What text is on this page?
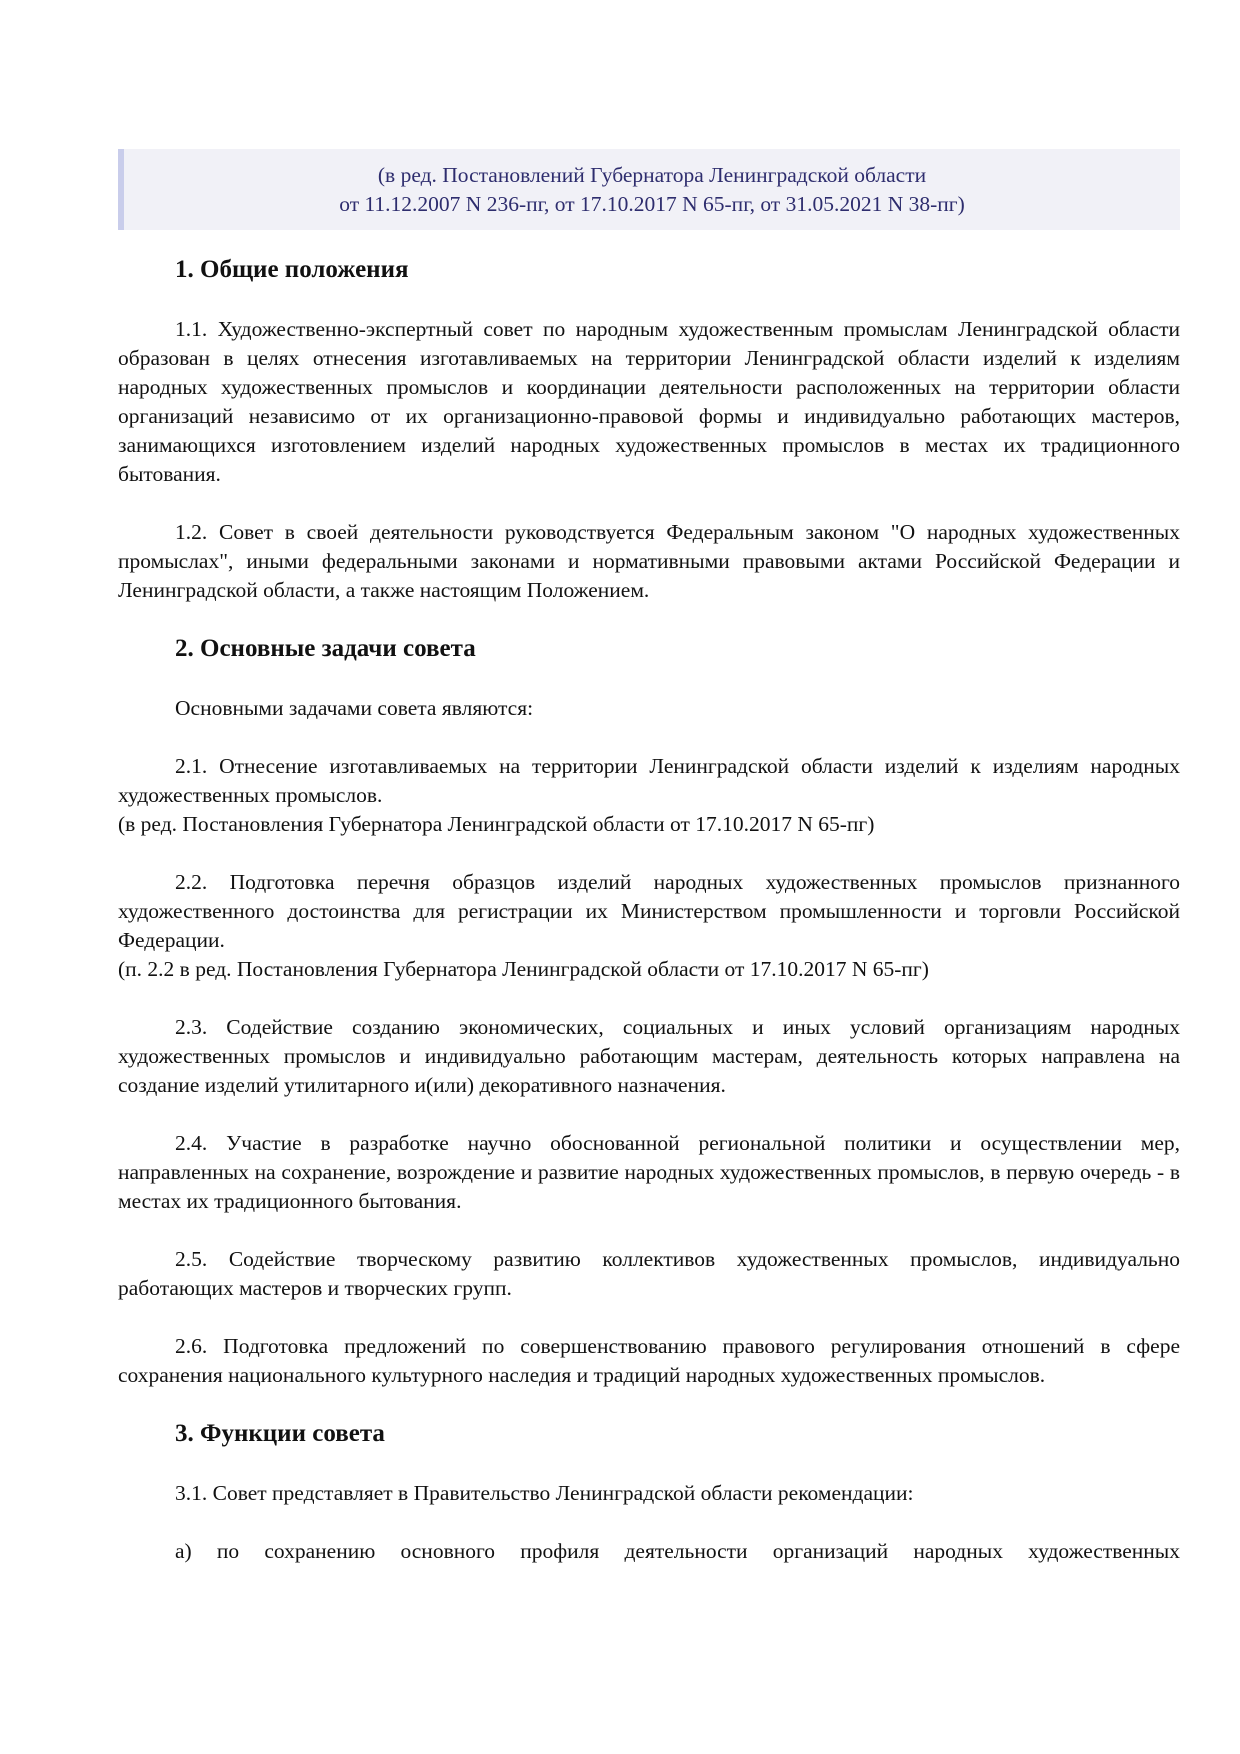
(в ред. Постановлений Губернатора Ленинградской области
от 11.12.2007 N 236-пг, от 17.10.2017 N 65-пг, от 31.05.2021 N 38-пг)
1. Общие положения

1.1. Художественно-экспертный совет по народным художественным промыслам Ленинградской области образован в целях отнесения изготавливаемых на территории Ленинградской области изделий к изделиям народных художественных промыслов и координации деятельности расположенных на территории области организаций независимо от их организационно-правовой формы и индивидуально работающих мастеров, занимающихся изготовлением изделий народных художественных промыслов в местах их традиционного бытования.

1.2. Совет в своей деятельности руководствуется Федеральным законом "О народных художественных промыслах", иными федеральными законами и нормативными правовыми актами Российской Федерации и Ленинградской области, а также настоящим Положением.

2. Основные задачи совета

Основными задачами совета являются:

2.1. Отнесение изготавливаемых на территории Ленинградской области изделий к изделиям народных художественных промыслов.

(в ред. Постановления Губернатора Ленинградской области от 17.10.2017 N 65-пг)

2.2. Подготовка перечня образцов изделий народных художественных промыслов признанного художественного достоинства для регистрации их Министерством промышленности и торговли Российской Федерации.

(п. 2.2 в ред. Постановления Губернатора Ленинградской области от 17.10.2017 N 65-пг)

2.3. Содействие созданию экономических, социальных и иных условий организациям народных художественных промыслов и индивидуально работающим мастерам, деятельность которых направлена на создание изделий утилитарного и(или) декоративного назначения.

2.4. Участие в разработке научно обоснованной региональной политики и осуществлении мер, направленных на сохранение, возрождение и развитие народных художественных промыслов, в первую очередь - в местах их традиционного бытования.

2.5. Содействие творческому развитию коллективов художественных промыслов, индивидуально работающих мастеров и творческих групп.

2.6. Подготовка предложений по совершенствованию правового регулирования отношений в сфере сохранения национального культурного наследия и традиций народных художественных промыслов.

3. Функции совета

3.1. Совет представляет в Правительство Ленинградской области рекомендации:

а) по сохранению основного профиля деятельности организаций народных художественных
